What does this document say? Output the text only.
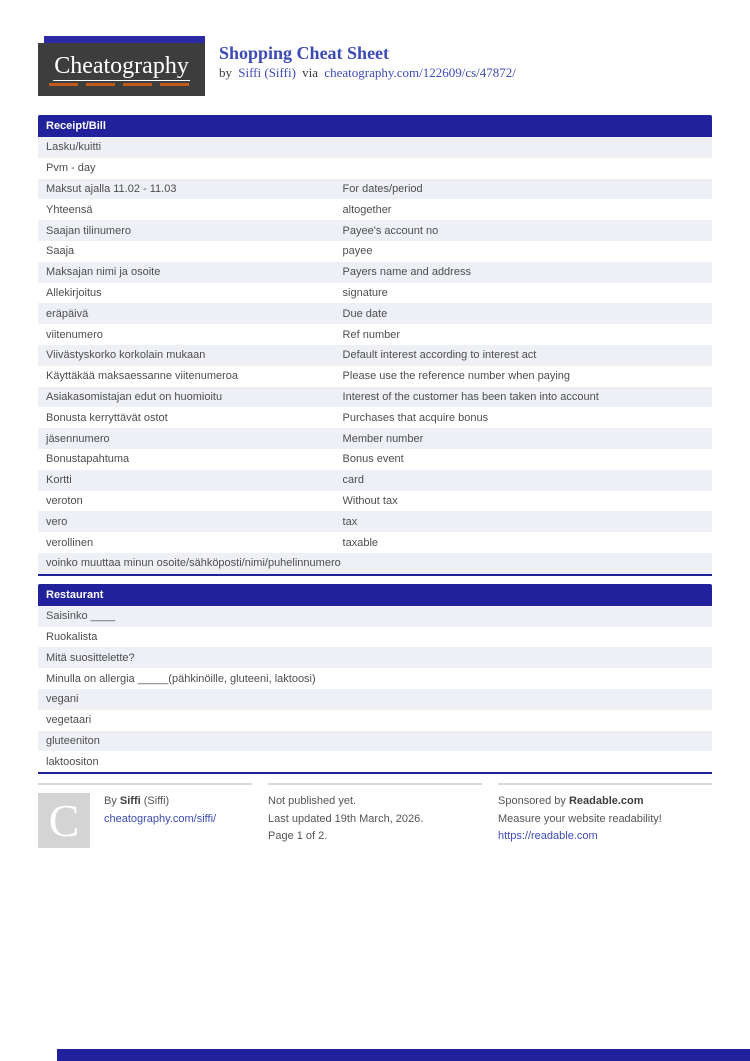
Cheatography Shopping Cheat Sheet
by Siffi (Siffi) via cheatography.com/122609/cs/47872/
Receipt/Bill
Lasku/kuitti
Pvm - day
Maksut ajalla 11.02 - 11.03	For dates/period
Yhteensä	altogether
Saajan tilinumero	Payee's account no
Saaja	payee
Maksajan nimi ja osoite	Payers name and address
Allekirjoitus	signature
eräpäivä	Due date
viitenumero	Ref number
Viivästyskorko korkolain mukaan	Default interest according to interest act
Käyttäkää maksaessanne viitenumeroa	Please use the reference number when paying
Asiakasomistajan edut on huomioitu	Interest of the customer has been taken into account
Bonusta kerryttävät ostot	Purchases that acquire bonus
jäsennumero	Member number
Bonustapahtuma	Bonus event
Kortti	card
veroton	Without tax
vero	tax
verollinen	taxable
voinko muuttaa minun osoite/sähköposti/nimi/puhelinnumero
Restaurant
Saisinko ____
Ruokalista
Mitä suosittelette?
Minulla on allergia _____(pähkinöille, gluteeni, laktoosi)
vegani
vegetaari
gluteeniton
laktoositon
C	By Siffi (Siffi)
cheatography.com/siffi/
Not published yet.
Last updated 19th March, 2026.
Page 1 of 2.
Sponsored by Readable.com
Measure your website readability!
https://readable.com
